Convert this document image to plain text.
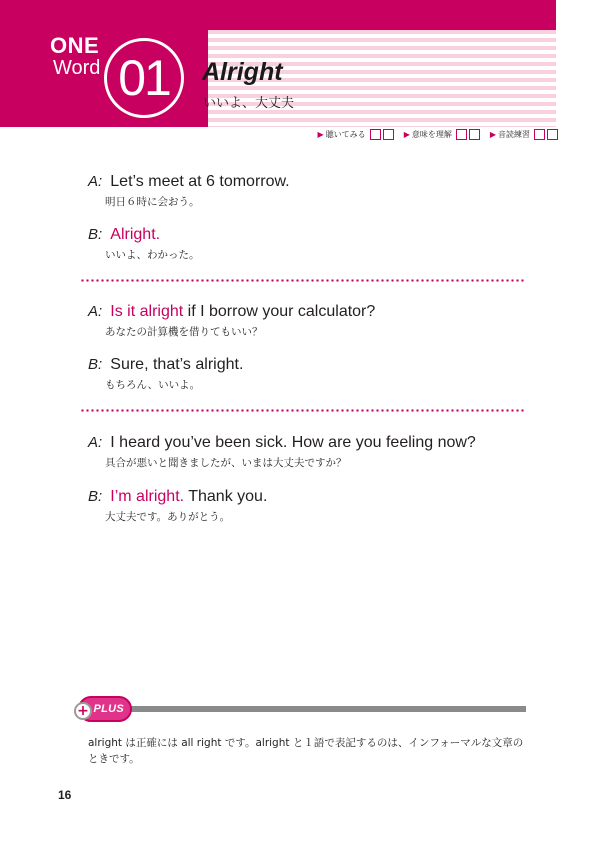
ONE
Word 01 Alright
いいよ、大丈夫
▶ 聴いてみる	▶ 意味を理解	▶ 音読練習
A: Let’s meet at 6 tomorrow.
明日６時に会おう。
B: Alright.
いいよ、わかった。
A: Is it alright if I borrow your calculator?
あなたの計算機を借りてもいい？
B: Sure, that’s alright.
もちろん、いいよ。
A: I heard you’ve been sick. How are you feeling now?
具合が悪いと聞きましたが、いまは大丈夫ですか？
B: I’m alright. Thank you.
大丈夫です。ありがとう。
PLUS
+
alright は正確には all right です。alright と１語で表記するのは、インフォーマルな文章のときです。
16
